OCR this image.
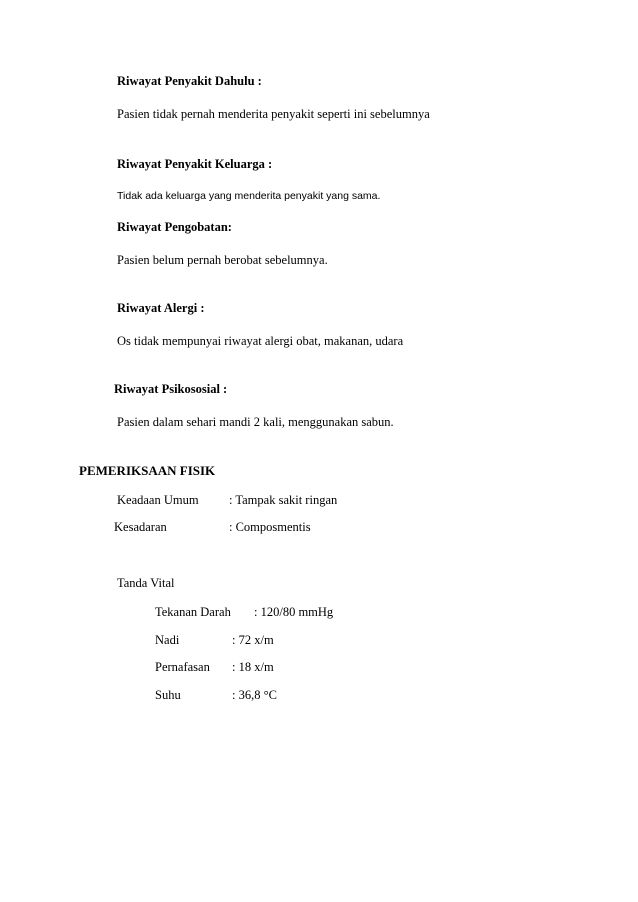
Riwayat Penyakit Dahulu :
Pasien tidak pernah menderita penyakit seperti ini sebelumnya
Riwayat Penyakit Keluarga :
Tidak ada keluarga yang menderita penyakit yang sama.
Riwayat Pengobatan:
Pasien belum pernah berobat sebelumnya.
Riwayat Alergi :
Os tidak mempunyai riwayat alergi obat, makanan, udara
Riwayat Psikososial :
Pasien dalam sehari mandi 2 kali, menggunakan sabun.
PEMERIKSAAN FISIK
Keadaan Umum : Tampak sakit ringan
Kesadaran	: Composmentis
Tanda Vital
Tekanan Darah : 120/80 mmHg
Nadi	: 72 x/m
Pernafasan : 18 x/m
Suhu	: 36,8 °C
